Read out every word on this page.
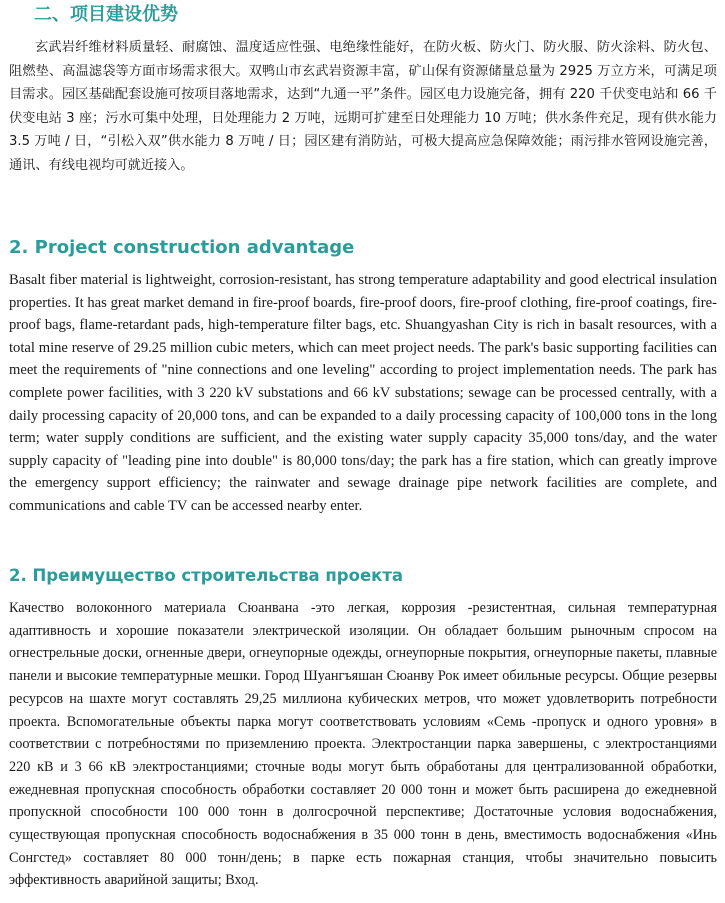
二、项目建设优势

玄武岩纤维材料质量轻、耐腐蚀、温度适应性强、电绝缘性能好，在防火板、防火门、防火服、防火涂料、防火包、阻燃垫、高温滤袋等方面市场需求很大。双鸭山市玄武岩资源丰富，矿山保有资源储量总量为 2925 万立方米，可满足项目需求。园区基础配套设施可按项目落地需求，达到“九通一平”条件。园区电力设施完备，拥有 220 千伏变电站和 66 千伏变电站 3 座；污水可集中处理，日处理能力 2 万吨，远期可扩建至日处理能力 10 万吨；供水条件充足，现有供水能力 3.5 万吨 / 日，“引松入双”供水能力 8 万吨 / 日；园区建有消防站，可极大提高应急保障效能；雨污排水管网设施完善，通讯、有线电视均可就近接入。

2. Project construction advantage

Basalt fiber material is lightweight, corrosion-resistant, has strong temperature adaptability and good electrical insulation properties. It has great market demand in fire-proof boards, fire-proof doors, fire-proof clothing, fire-proof coatings, fire-proof bags, flame-retardant pads, high-temperature filter bags, etc. Shuangyashan City is rich in basalt resources, with a total mine reserve of 29.25 million cubic meters, which can meet project needs. The park's basic supporting facilities can meet the requirements of "nine connections and one leveling" according to project implementation needs. The park has complete power facilities, with 3 220 kV substations and 66 kV substations; sewage can be processed centrally, with a daily processing capacity of 20,000 tons, and can be expanded to a daily processing capacity of 100,000 tons in the long term; water supply conditions are sufficient, and the existing water supply capacity 35,000 tons/day, and the water supply capacity of "leading pine into double" is 80,000 tons/day; the park has a fire station, which can greatly improve the emergency support efficiency; the rainwater and sewage drainage pipe network facilities are complete, and communications and cable TV can be accessed nearby enter.

2. Преимущество строительства проекта

Качество волоконного материала Сюанвана -это легкая, коррозия -резистентная, сильная температурная адаптивность и хорошие показатели электрической изоляции. Он обладает большим рыночным спросом на огнестрельные доски, огненные двери, огнеупорные одежды, огнеупорные покрытия, огнеупорные пакеты, плавные панели и высокие температурные мешки. Город Шуангъяшан Сюанву Рок имеет обильные ресурсы. Общие резервы ресурсов на шахте могут составлять 29,25 миллиона кубических метров, что может удовлетворить потребности проекта. Вспомогательные объекты парка могут соответствовать условиям «Семь -пропуск и одного уровня» в соответствии с потребностями по приземлению проекта. Электростанции парка завершены, с электростанциями 220 кВ и 3 66 кВ электростанциями; сточные воды могут быть обработаны для централизованной обработки, ежедневная пропускная способность обработки составляет 20 000 тонн и может быть расширена до ежедневной пропускной способности 100 000 тонн в долгосрочной перспективе; Достаточные условия водоснабжения, существующая пропускная способность водоснабжения в 35 000 тонн в день, вместимость водоснабжения «Инь Сонгстед» составляет 80 000 тонн/день; в парке есть пожарная станция, чтобы значительно повысить эффективность аварийной защиты; Вход.
